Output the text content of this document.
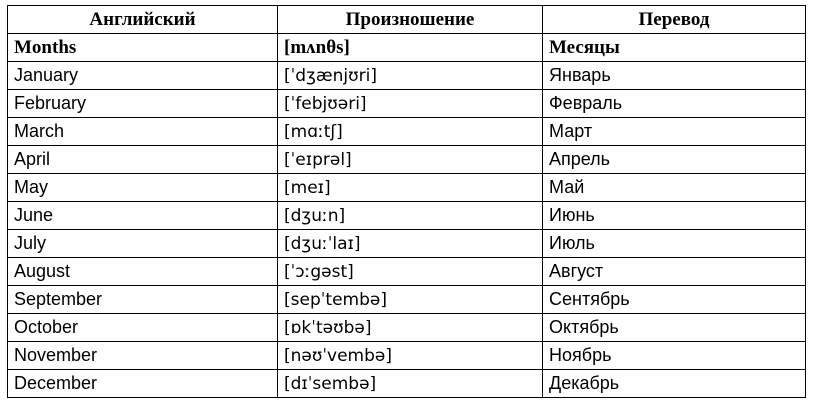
Английский	Произношение	Перевод
Months	[mʌnθs]	Месяцы
January	[ˈdʒænjʊri]	Январь
February	[ˈfebjʊəri]	Февраль
March	[mɑːtʃ]	Март
April	[ˈeɪprəl]	Апрель
May	[meɪ]	Май
June	[dʒuːn]	Июнь
July	[dʒuːˈlaɪ]	Июль
August	[ˈɔːgəst]	Август
September	[sepˈtembə]	Сентябрь
October	[ɒkˈtəʊbə]	Октябрь
November	[nəʊˈvembə]	Ноябрь
December	[dɪˈsembə]	Декабрь
